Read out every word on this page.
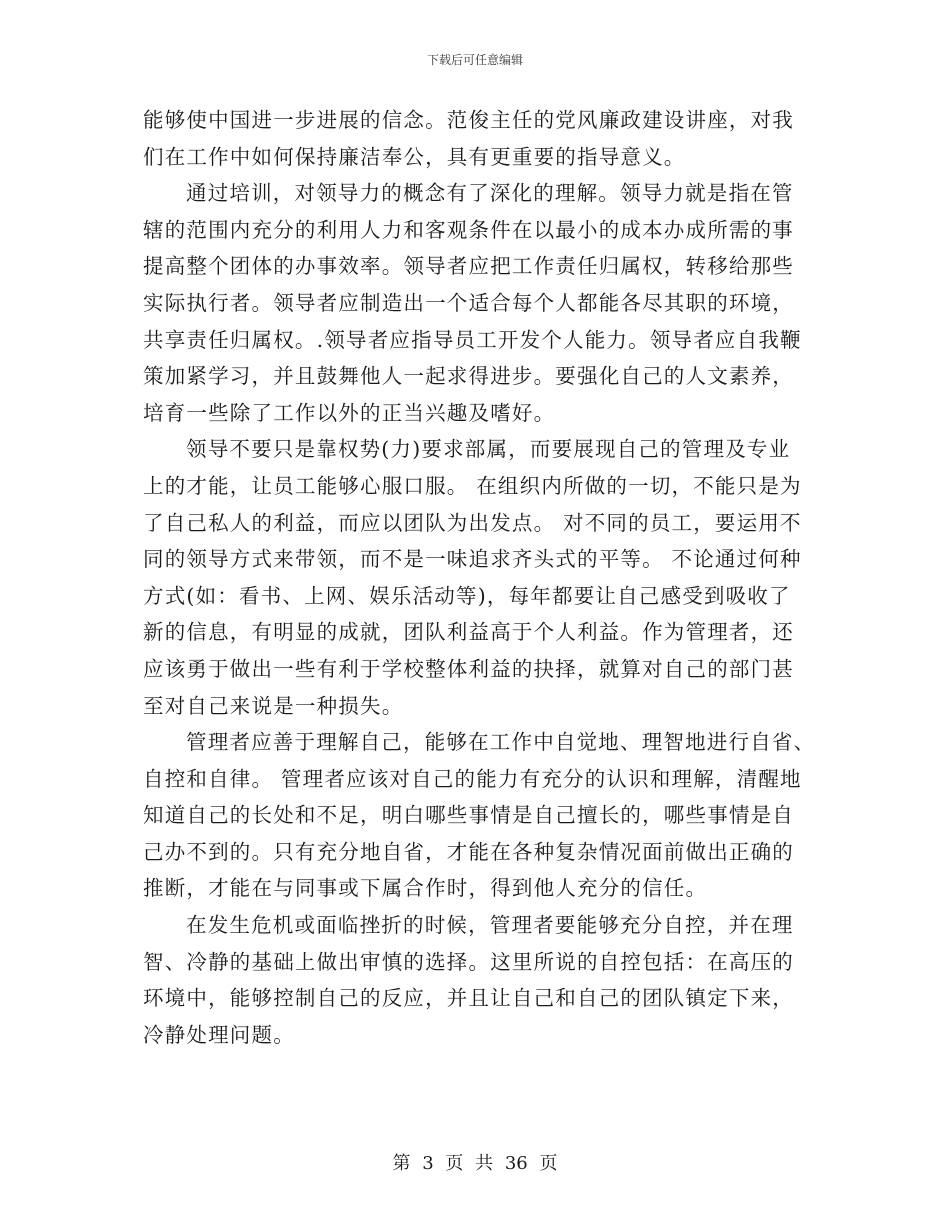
下载后可任意编辑
能够使中国进一步进展的信念。范俊主任的党风廉政建设讲座，对我
们在工作中如何保持廉洁奉公，具有更重要的指导意义。
通过培训，对领导力的概念有了深化的理解。领导力就是指在管
辖的范围内充分的利用人力和客观条件在以最小的成本办成所需的事
提高整个团体的办事效率。领导者应把工作责任归属权，转移给那些
实际执行者。领导者应制造出一个适合每个人都能各尽其职的环境，
共享责任归属权。.领导者应指导员工开发个人能力。领导者应自我鞭
策加紧学习，并且鼓舞他人一起求得进步。要强化自己的人文素养，
培育一些除了工作以外的正当兴趣及嗜好。
领导不要只是靠权势(力)要求部属，而要展现自己的管理及专业
上的才能，让员工能够心服口服。 在组织内所做的一切，不能只是为
了自己私人的利益，而应以团队为出发点。 对不同的员工，要运用不
同的领导方式来带领，而不是一味追求齐头式的平等。 不论通过何种
方式(如：看书、上网、娱乐活动等)，每年都要让自己感受到吸收了
新的信息，有明显的成就，团队利益高于个人利益。作为管理者，还
应该勇于做出一些有利于学校整体利益的抉择，就算对自己的部门甚
至对自己来说是一种损失。
管理者应善于理解自己，能够在工作中自觉地、理智地进行自省、
自控和自律。 管理者应该对自己的能力有充分的认识和理解，清醒地
知道自己的长处和不足，明白哪些事情是自己擅长的，哪些事情是自
己办不到的。只有充分地自省，才能在各种复杂情况面前做出正确的
推断，才能在与同事或下属合作时，得到他人充分的信任。
在发生危机或面临挫折的时候，管理者要能够充分自控，并在理
智、冷静的基础上做出审慎的选择。这里所说的自控包括：在高压的
环境中，能够控制自己的反应，并且让自己和自己的团队镇定下来，
冷静处理问题。
第 3 页 共 36 页
